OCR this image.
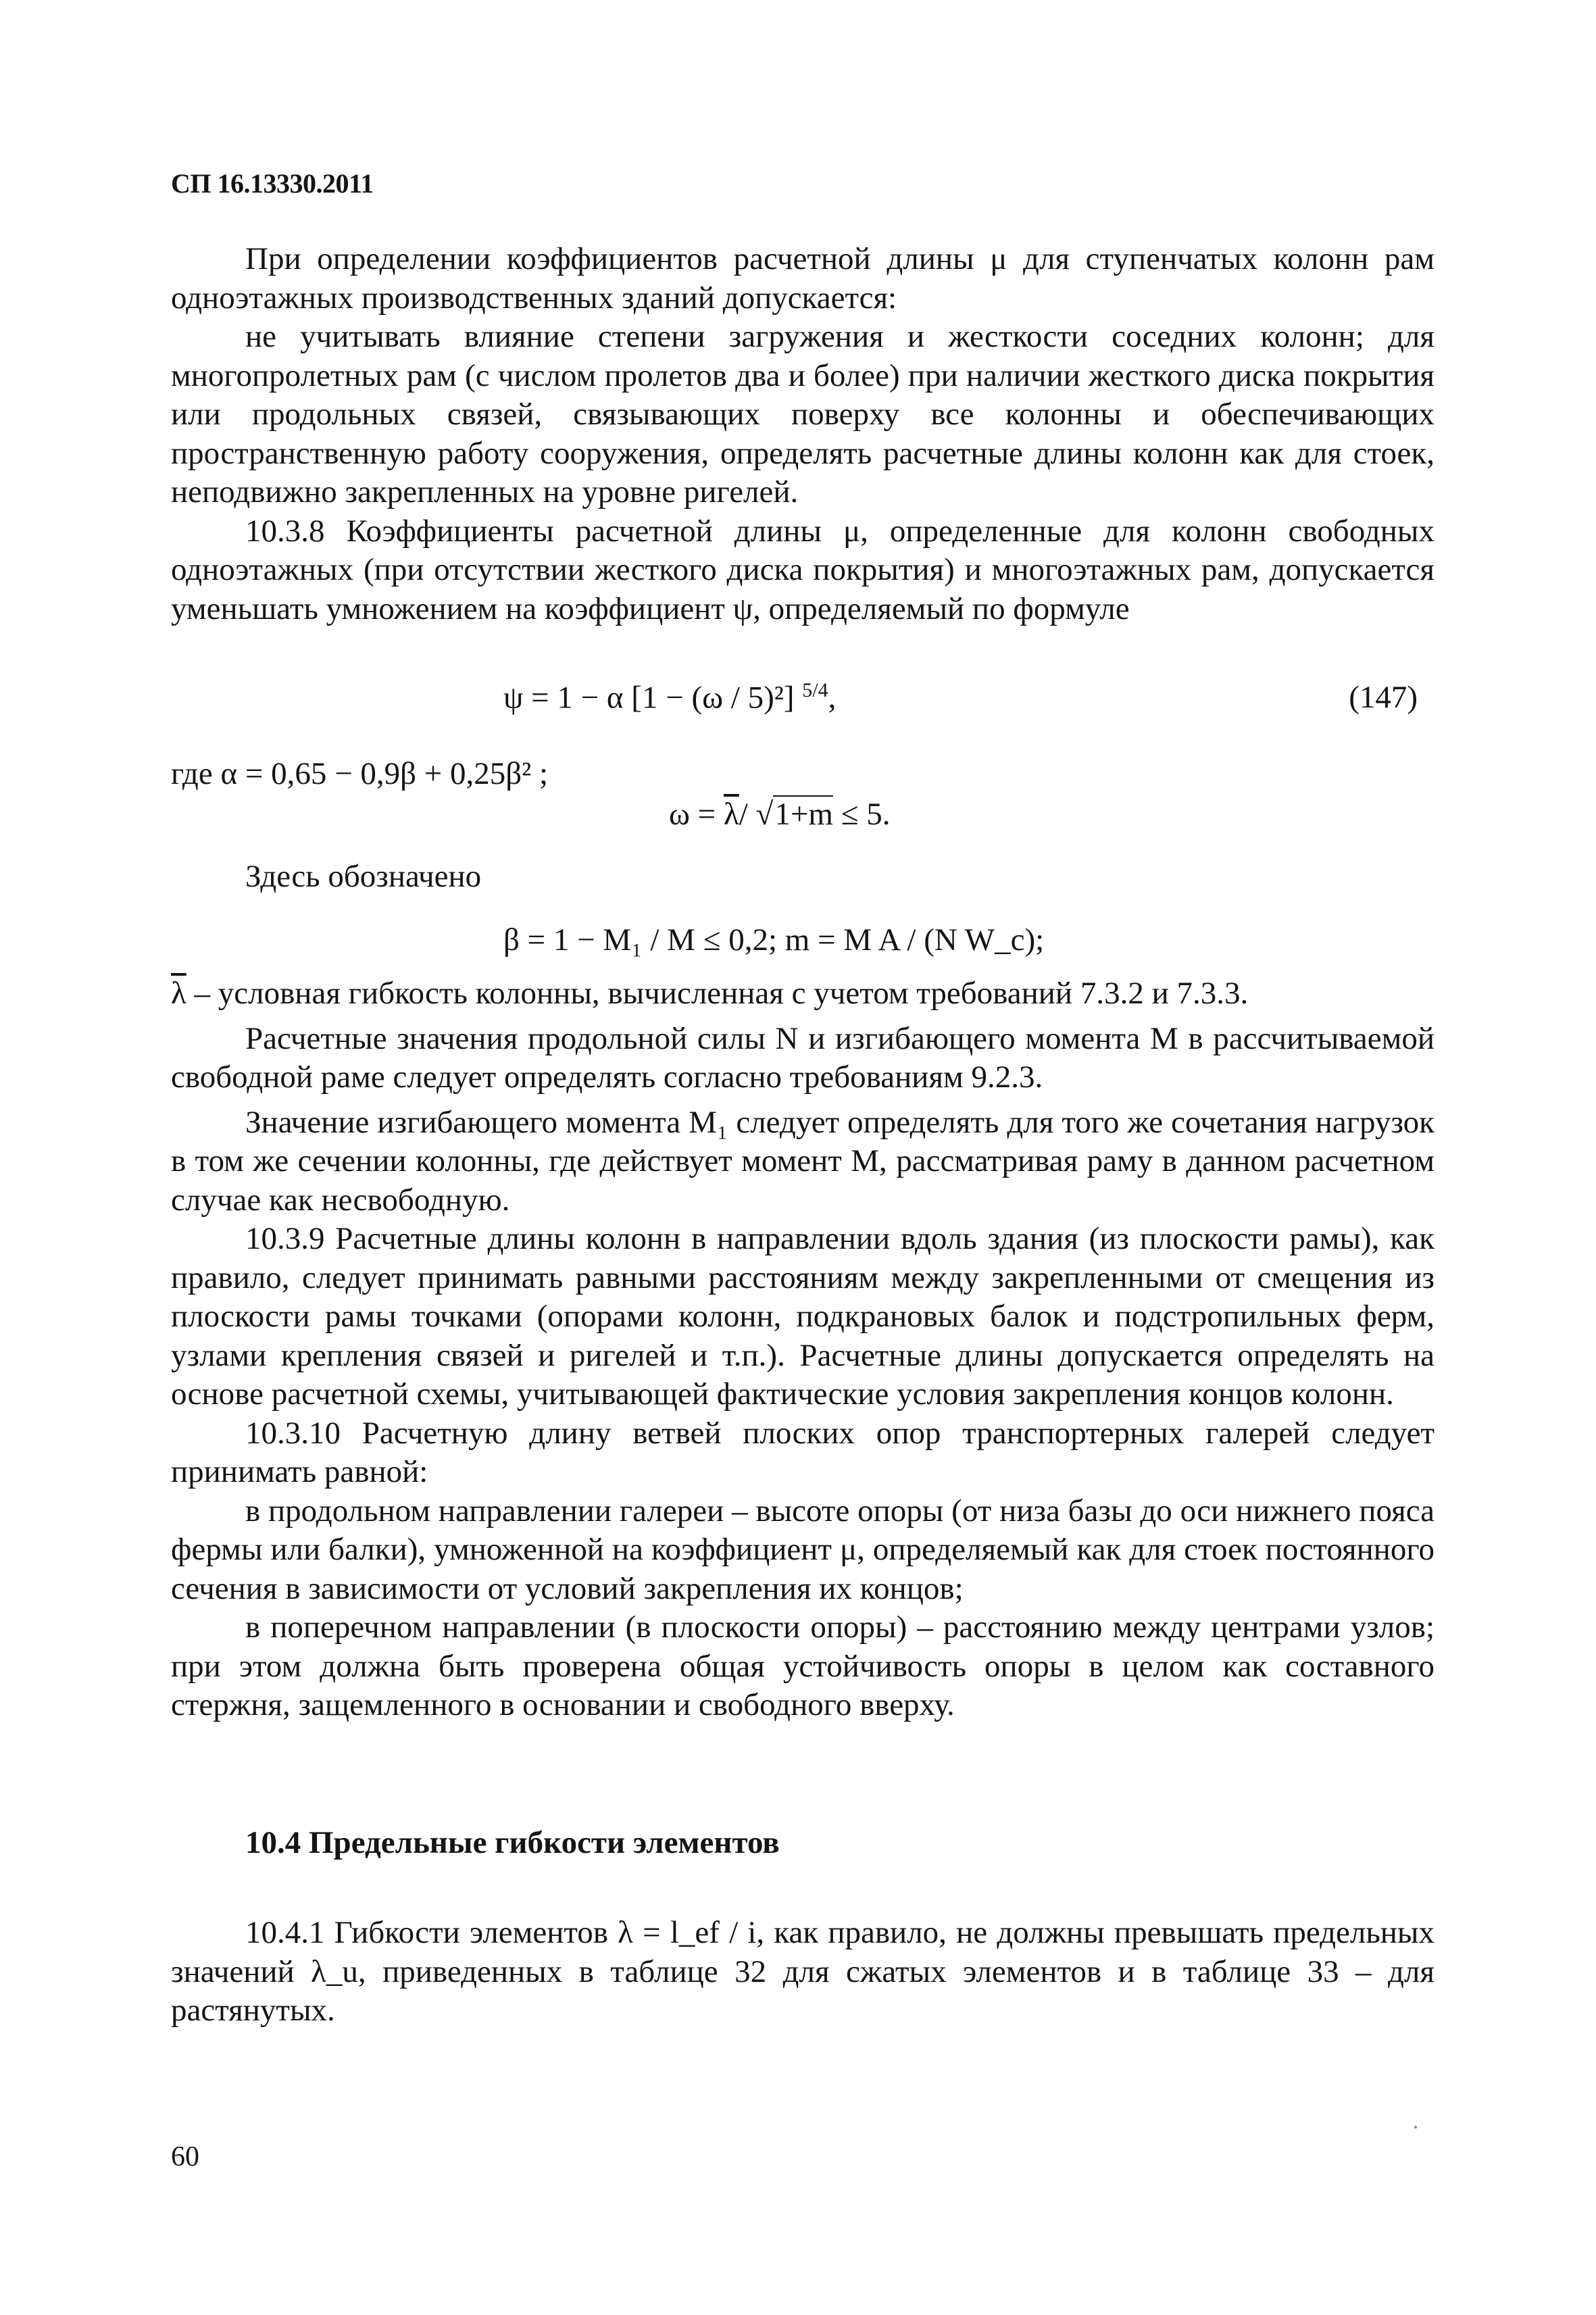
СП 16.13330.2011

При определении коэффициентов расчетной длины μ для ступенчатых колонн рам одноэтажных производственных зданий допускается:

не учитывать влияние степени загружения и жесткости соседних колонн; для многопролетных рам (с числом пролетов два и более) при наличии жесткого диска покрытия или продольных связей, связывающих поверху все колонны и обеспечивающих пространственную работу сооружения, определять расчетные длины колонн как для стоек, неподвижно закрепленных на уровне ригелей.

10.3.8 Коэффициенты расчетной длины μ, определенные для колонн свободных одноэтажных (при отсутствии жесткого диска покрытия) и многоэтажных рам, допускается уменьшать умножением на коэффициент ψ, определяемый по формуле

ψ = 1 − α [1 − (ω / 5)²] $^{5/4}$,	(147)
где α = 0,65 − 0,9β + 0,25β² ;
$\omega = \overline{\lambda}/$ √1+m ≤ 5.
Здесь обозначено
β = 1 − M₁ / M ≤ 0,2; m = M A / (N W_c);

$\overline{\lambda}$ – условная гибкость колонны, вычисленная с учетом требований 7.3.2 и 7.3.3.

Расчетные значения продольной силы N и изгибающего момента M в рассчитываемой свободной раме следует определять согласно требованиям 9.2.3.

Значение изгибающего момента M₁ следует определять для того же сочетания нагрузок в том же сечении колонны, где действует момент M, рассматривая раму в данном расчетном случае как несвободную.

10.3.9 Расчетные длины колонн в направлении вдоль здания (из плоскости рамы), как правило, следует принимать равными расстояниям между закрепленными от смещения из плоскости рамы точками (опорами колонн, подкрановых балок и подстропильных ферм, узлами крепления связей и ригелей и т.п.). Расчетные длины допускается определять на основе расчетной схемы, учитывающей фактические условия закрепления концов колонн.

10.3.10 Расчетную длину ветвей плоских опор транспортерных галерей следует принимать равной:

в продольном направлении галереи – высоте опоры (от низа базы до оси нижнего пояса фермы или балки), умноженной на коэффициент μ, определяемый как для стоек постоянного сечения в зависимости от условий закрепления их концов;

в поперечном направлении (в плоскости опоры) – расстоянию между центрами узлов; при этом должна быть проверена общая устойчивость опоры в целом как составного стержня, защемленного в основании и свободного вверху.

10.4 Предельные гибкости элементов

10.4.1 Гибкости элементов λ = l_ef / i, как правило, не должны превышать предельных значений λ_u, приведенных в таблице 32 для сжатых элементов и в таблице 33 – для растянутых.

60
